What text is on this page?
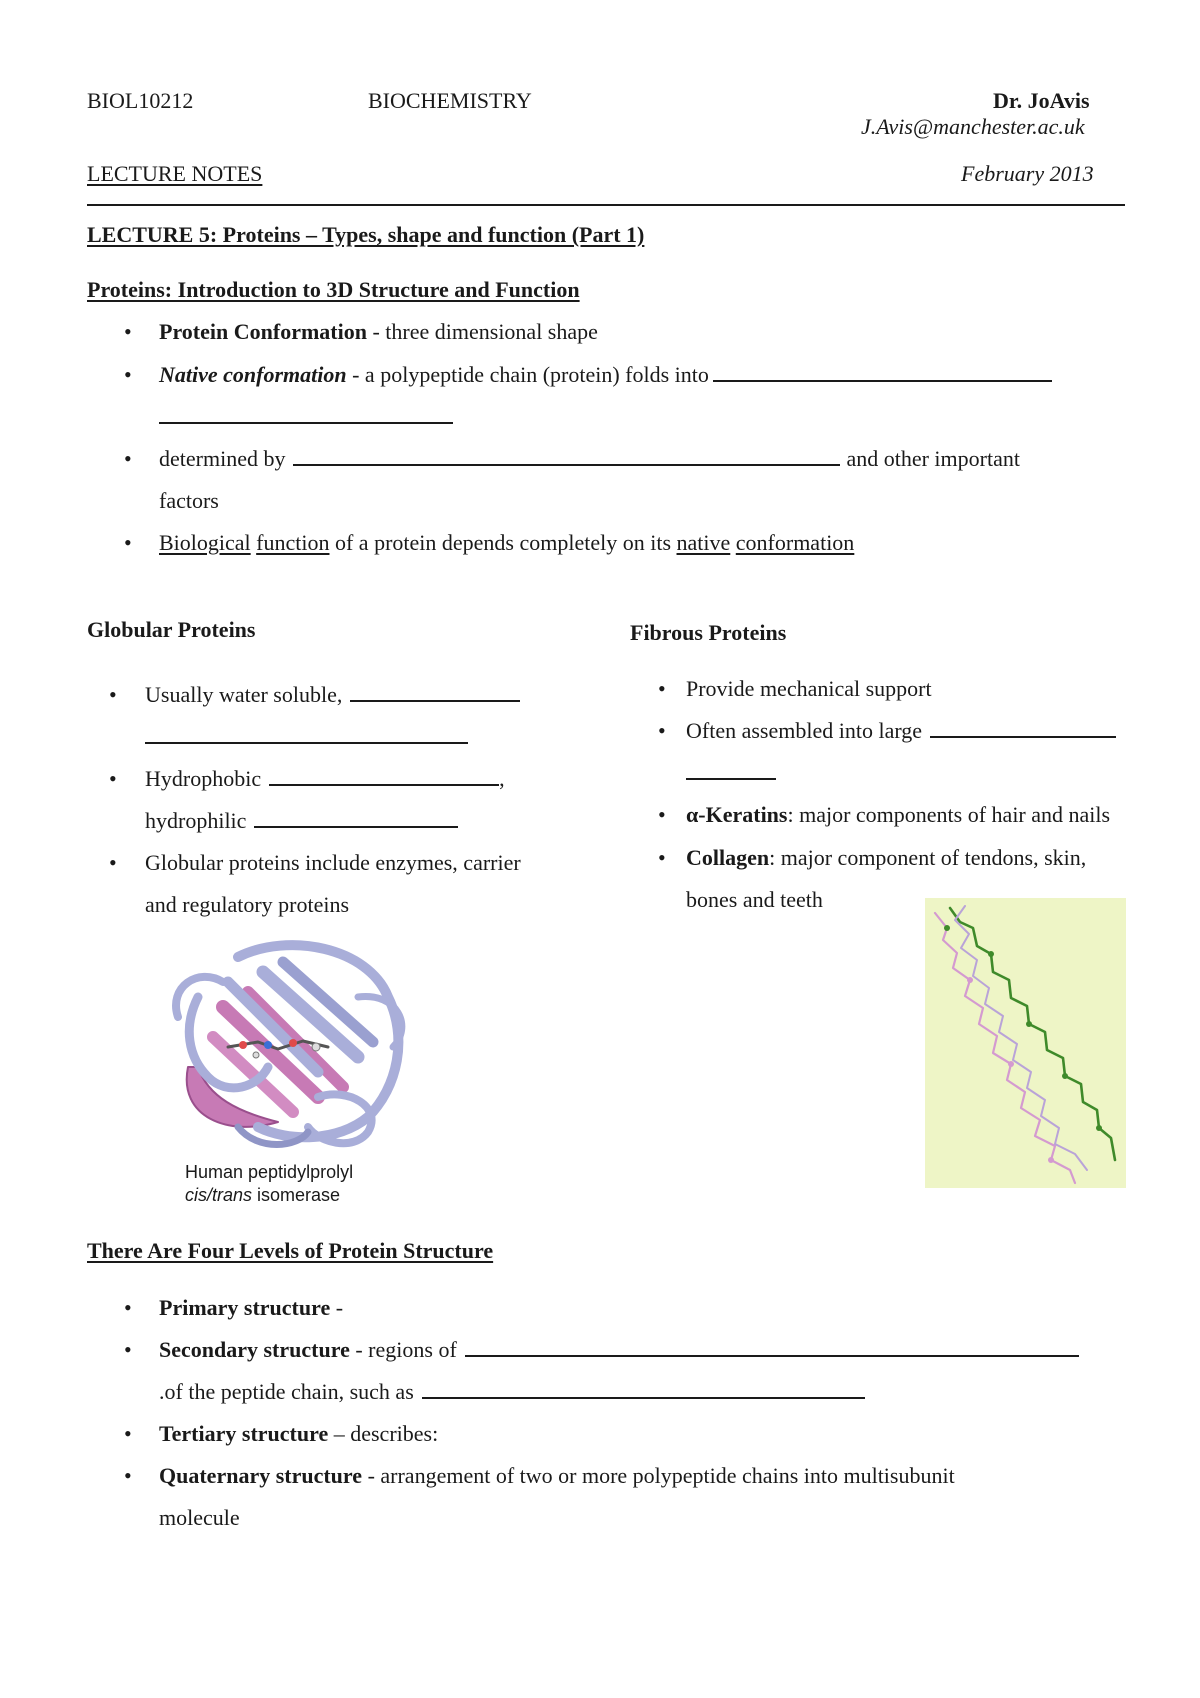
BIOL10212	BIOCHEMISTRY	Dr. JoAvis
J.Avis@manchester.ac.uk
LECTURE NOTES	February 2013
LECTURE 5: Proteins – Types, shape and function (Part 1)
Proteins: Introduction to 3D Structure and Function
• Protein Conformation - three dimensional shape
• Native conformation - a polypeptide chain (protein) folds into
• determined by	and other important
factors
• Biological function of a protein depends completely on its native conformation
Globular Proteins
• Usually water soluble,
• Hydrophobic	,
hydrophilic
• Globular proteins include enzymes, carrier
and regulatory proteins
Human peptidylprolyl
cis/trans isomerase
Fibrous Proteins
• Provide mechanical support
• Often assembled into large
• α-Keratins: major components of hair and nails
• Collagen: major component of tendons, skin,
bones and teeth
There Are Four Levels of Protein Structure
• Primary structure -
• Secondary structure - regions of
.of the peptide chain, such as
• Tertiary structure – describes:
• Quaternary structure - arrangement of two or more polypeptide chains into multisubunit
molecule
